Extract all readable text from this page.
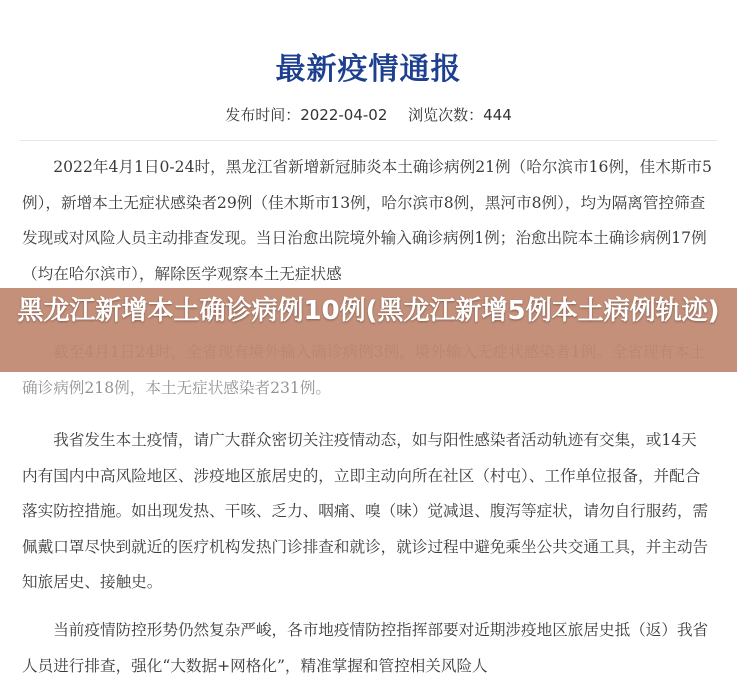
最新疫情通报
发布时间：2022-04-02 浏览次数：444

2022年4月1日0-24时，黑龙江省新增新冠肺炎本土确诊病例21例（哈尔滨市16例，佳木斯市5例），新增本土无症状感染者29例（佳木斯市13例，哈尔滨市8例，黑河市8例），均为隔离管控筛查发现或对风险人员主动排查发现。当日治愈出院境外输入确诊病例1例；治愈出院本土确诊病例17例（均在哈尔滨市），解除医学观察本土无症状感

确诊病例218例，本土无症状感染者231例。

黑龙江新增本土确诊病例10例(黑龙江新增5例本土病例轨迹)

我省发生本土疫情，请广大群众密切关注疫情动态，如与阳性感染者活动轨迹有交集，或14天内有国内中高风险地区、涉疫地区旅居史的，立即主动向所在社区（村屯）、工作单位报备，并配合落实防控措施。如出现发热、干咳、乏力、咽痛、嗅（味）觉减退、腹泻等症状，请勿自行服药，需佩戴口罩尽快到就近的医疗机构发热门诊排查和就诊，就诊过程中避免乘坐公共交通工具，并主动告知旅居史、接触史。

当前疫情防控形势仍然复杂严峻，各市地疫情防控指挥部要对近期涉疫地区旅居史抵（返）我省人员进行排查，强化“大数据+网格化”，精准掌握和管控相关风险人
